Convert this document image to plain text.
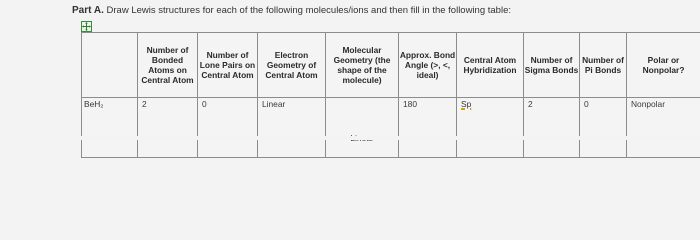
Part A. Draw Lewis structures for each of the following molecules/ions and then fill in the following table:
	Number of Bonded Atoms on Central Atom	Number of Lone Pairs on Central Atom	Electron Geometry of Central Atom	Molecular Geometry (the shape of the molecule)	Approx. Bond Angle (>, <, ideal)	Central Atom Hybridization	Number of Sigma Bonds	Number of Pi Bonds	Polar or Nonpolar?
BeH₂	2	0	Linear		180	Sp	2	0	Nonpolar
